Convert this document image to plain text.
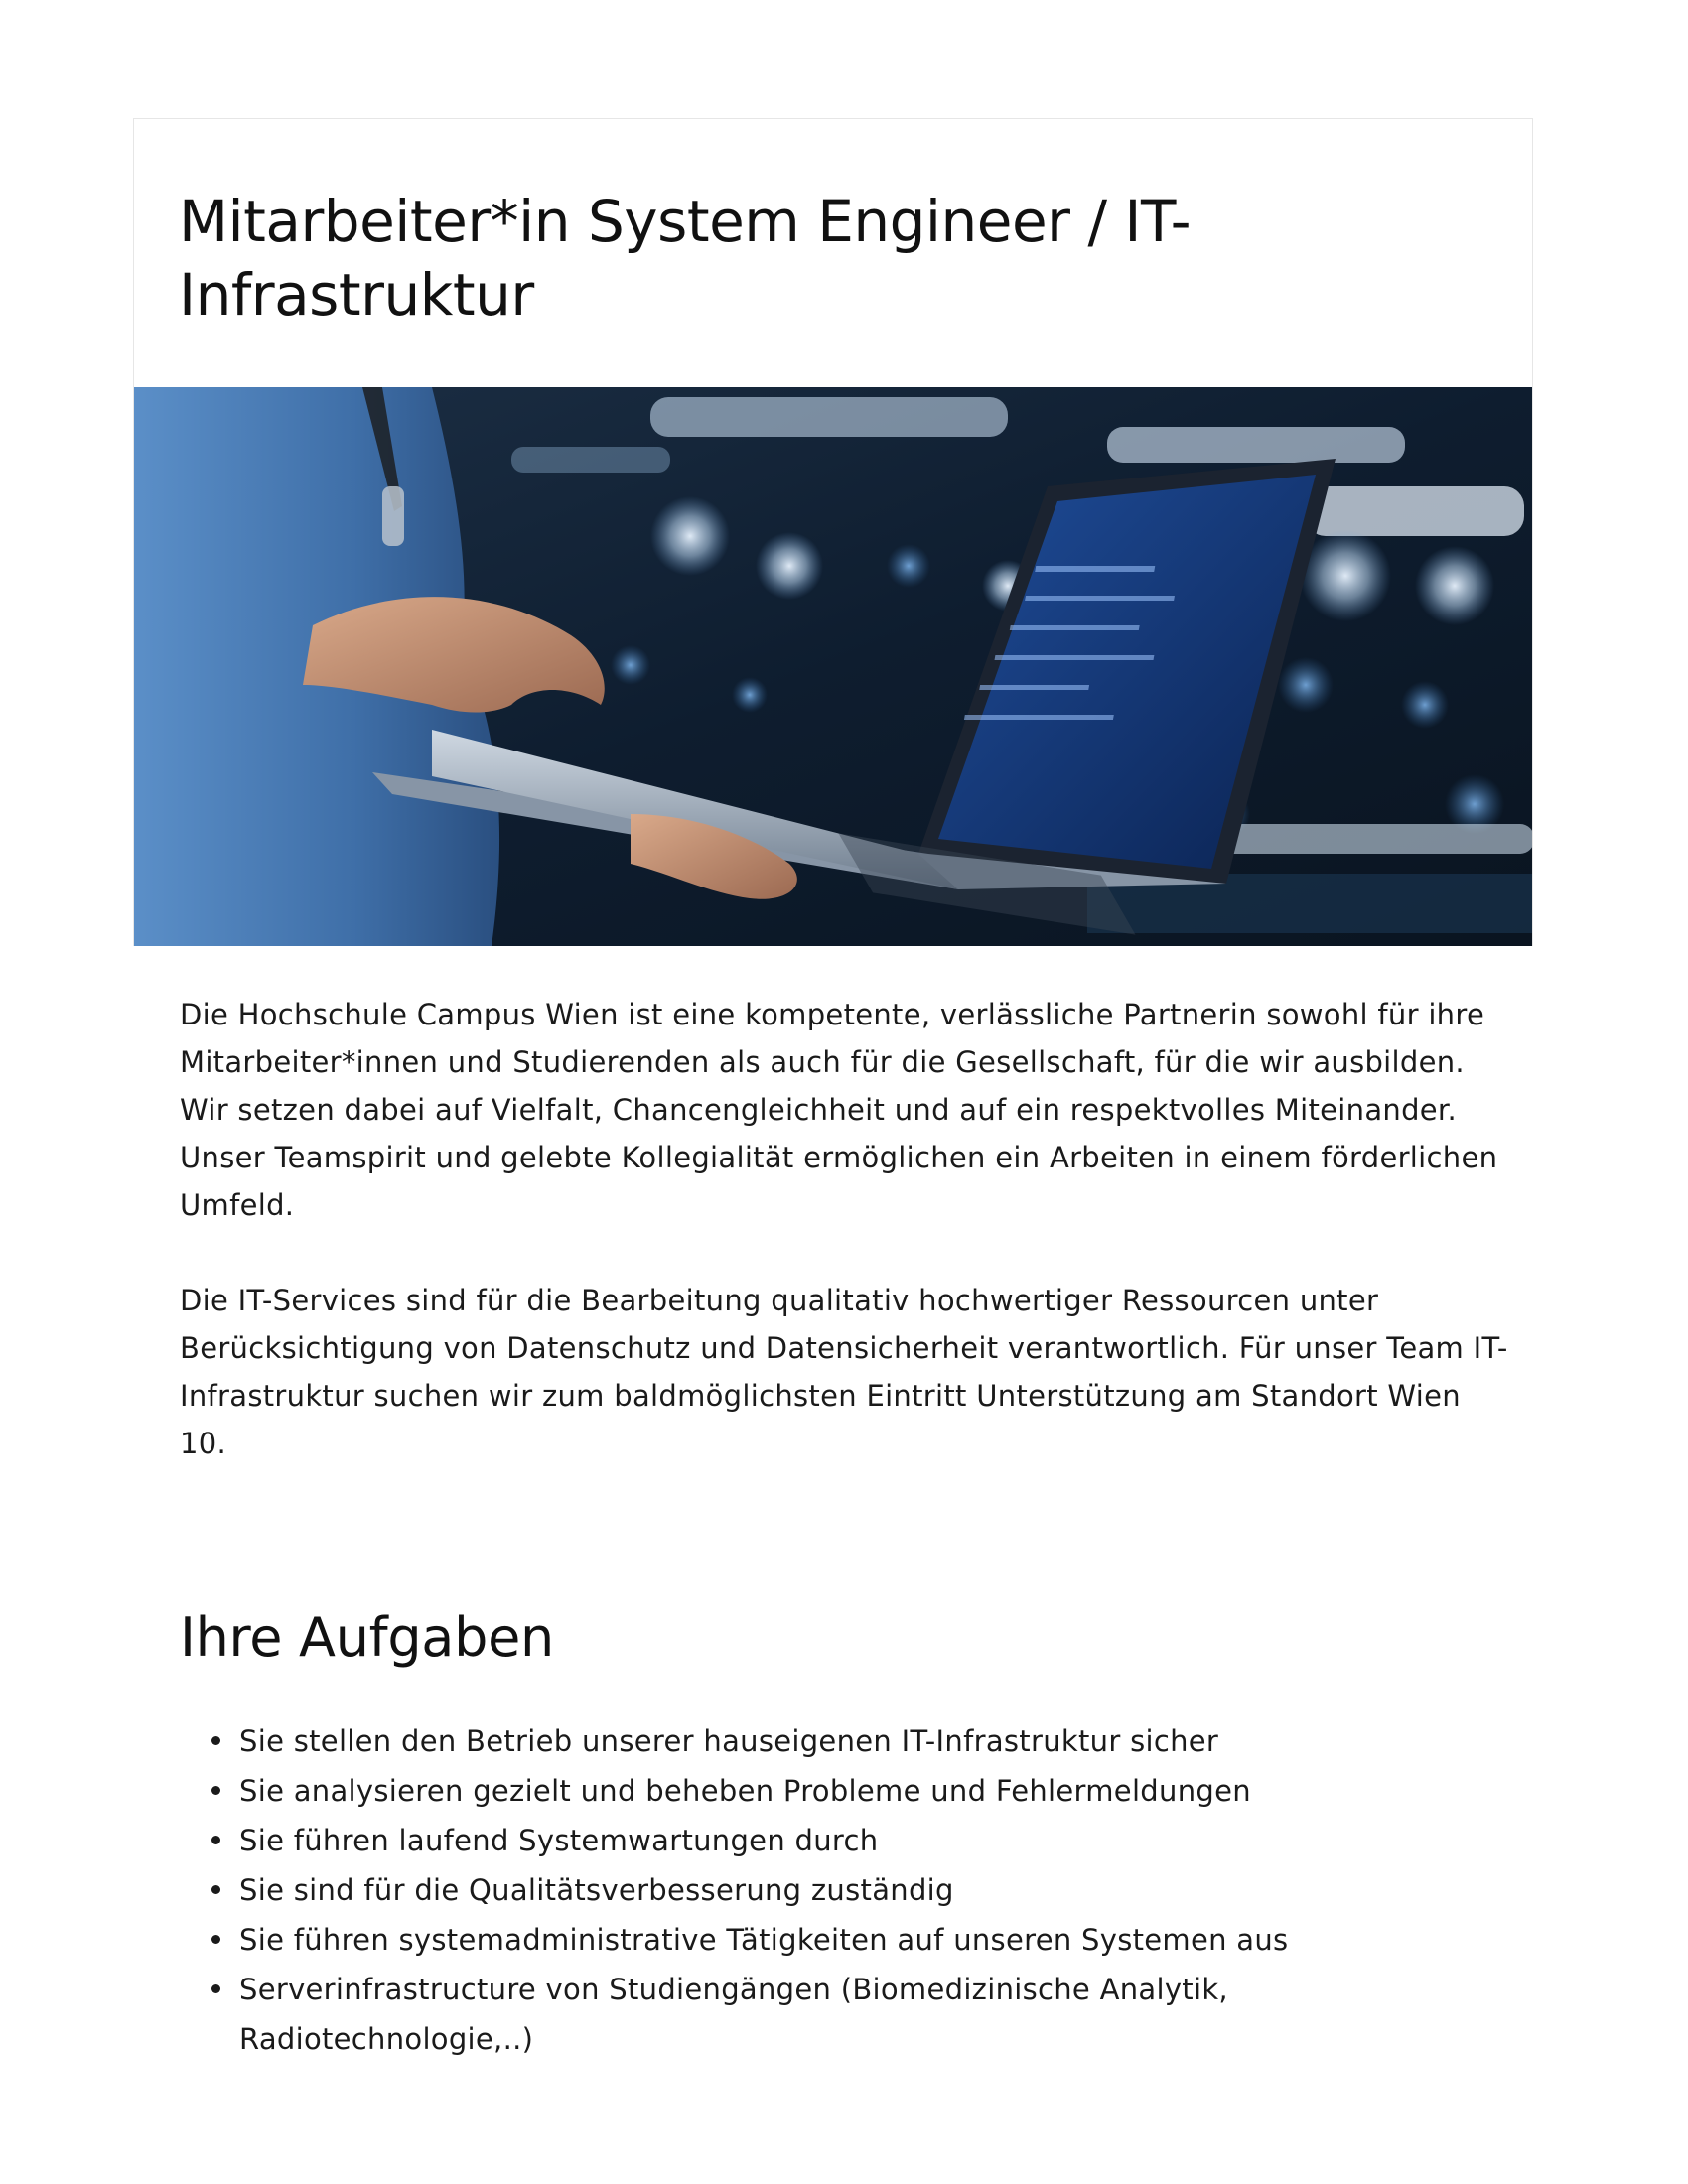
Mitarbeiter*in System Engineer / IT-Infrastruktur

Die Hochschule Campus Wien ist eine kompetente, verlässliche Partnerin sowohl für ihre Mitarbeiter*innen und Studierenden als auch für die Gesellschaft, für die wir ausbilden. Wir setzen dabei auf Vielfalt, Chancengleichheit und auf ein respektvolles Miteinander. Unser Teamspirit und gelebte Kollegialität ermöglichen ein Arbeiten in einem förderlichen Umfeld.

Die IT-Services sind für die Bearbeitung qualitativ hochwertiger Ressourcen unter Berücksichtigung von Datenschutz und Datensicherheit verantwortlich. Für unser Team IT-Infrastruktur suchen wir zum baldmöglichsten Eintritt Unterstützung am Standort Wien 10.

Ihre Aufgaben
Sie stellen den Betrieb unserer hauseigenen IT-Infrastruktur sicher
Sie analysieren gezielt und beheben Probleme und Fehlermeldungen
Sie führen laufend Systemwartungen durch
Sie sind für die Qualitätsverbesserung zuständig
Sie führen systemadministrative Tätigkeiten auf unseren Systemen aus
Serverinfrastructure von Studiengängen (Biomedizinische Analytik, Radiotechnologie,..)
